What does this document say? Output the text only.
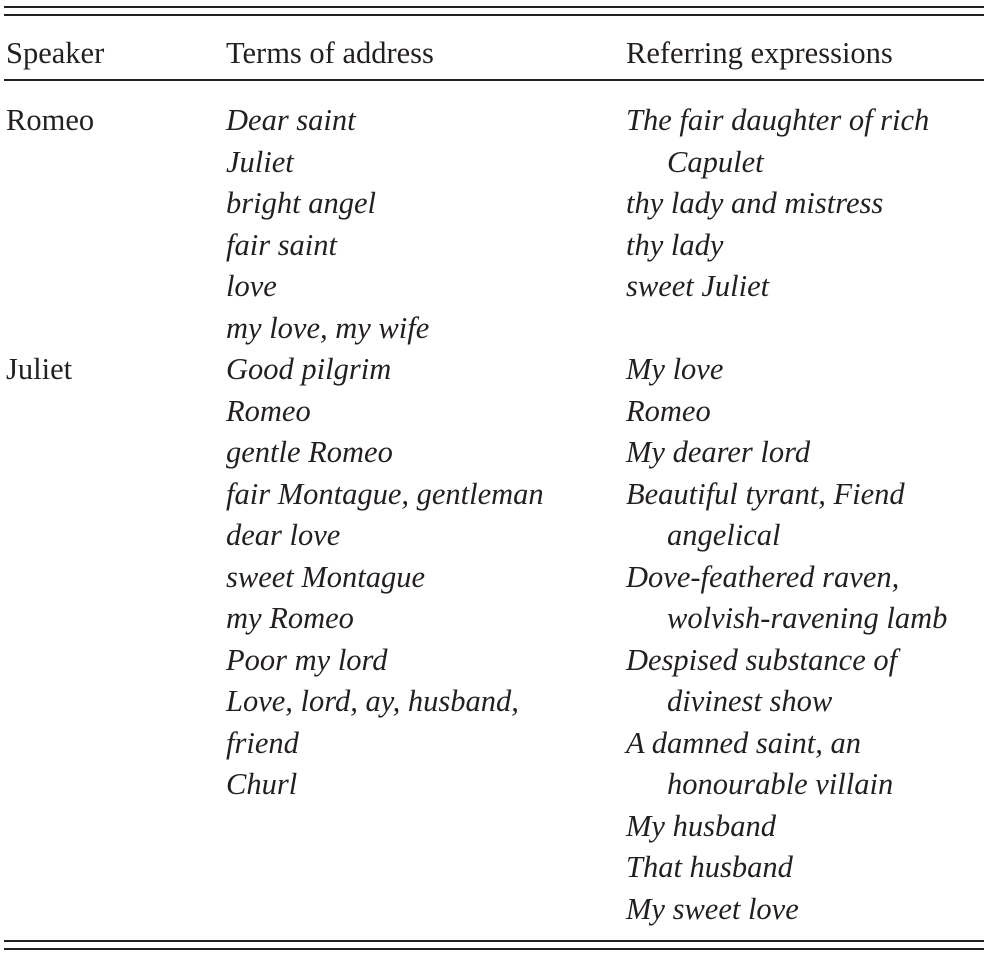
Speaker	Terms of address	Referring expressions
Romeo
Juliet
Dear saint
Juliet
bright angel
fair saint
love
my love, my wife
Good pilgrim
Romeo
gentle Romeo
fair Montague, gentleman
dear love
sweet Montague
my Romeo
Poor my lord
Love, lord, ay, husband,
friend
Churl
The fair daughter of rich
Capulet
thy lady and mistress
thy lady
sweet Juliet
My love
Romeo
My dearer lord
Beautiful tyrant, Fiend
angelical
Dove-feathered raven,
wolvish-ravening lamb
Despised substance of
divinest show
A damned saint, an
honourable villain
My husband
That husband
My sweet love
